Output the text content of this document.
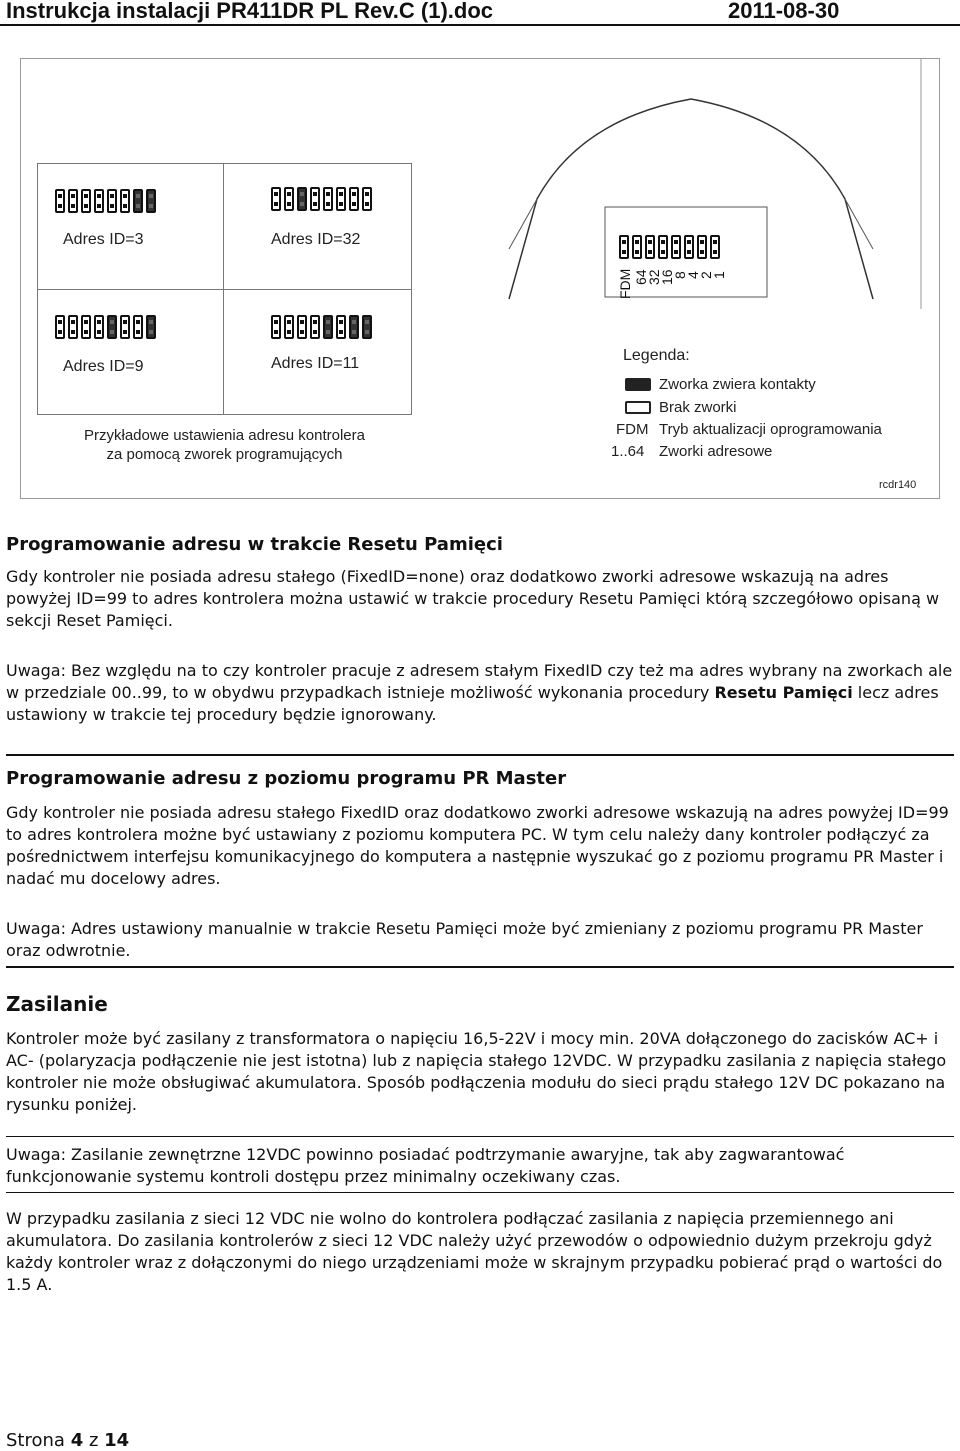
Instrukcja instalacji PR411DR PL Rev.C (1).doc	2011-08-30
Adres ID=3	Adres ID=32
Adres ID=9	Adres ID=11
Przykładowe ustawienia adresu kontrolera
za pomocą zworek programujących
FDM 64
32
16
8
4
2
1
Legenda:
Zworka zwiera kontakty
Brak zworki
FDM Tryb aktualizacji oprogramowania
1..64 Zworki adresowe
rcdr140
Programowanie adresu w trakcie Resetu Pamięci
Gdy kontroler nie posiada adresu stałego (FixedID=none) oraz dodatkowo zworki adresowe wskazują na adres powyżej ID=99 to adres kontrolera można ustawić w trakcie procedury Resetu Pamięci którą szczegółowo opisaną w sekcji Reset Pamięci.
Uwaga: Bez względu na to czy kontroler pracuje z adresem stałym FixedID czy też ma adres wybrany na zworkach ale w przedziale 00..99, to w obydwu przypadkach istnieje możliwość wykonania procedury Resetu Pamięci lecz adres ustawiony w trakcie tej procedury będzie ignorowany.
Programowanie adresu z poziomu programu PR Master
Gdy kontroler nie posiada adresu stałego FixedID oraz dodatkowo zworki adresowe wskazują na adres powyżej ID=99 to adres kontrolera możne być ustawiany z poziomu komputera PC. W tym celu należy dany kontroler podłączyć za pośrednictwem interfejsu komunikacyjnego do komputera a następnie wyszukać go z poziomu programu PR Master i nadać mu docelowy adres.
Uwaga: Adres ustawiony manualnie w trakcie Resetu Pamięci może być zmieniany z poziomu programu PR Master oraz odwrotnie.
Zasilanie
Kontroler może być zasilany z transformatora o napięciu 16,5-22V i mocy min. 20VA dołączonego do zacisków AC+ i AC- (polaryzacja podłączenie nie jest istotna) lub z napięcia stałego 12VDC. W przypadku zasilania z napięcia stałego kontroler nie może obsługiwać akumulatora. Sposób podłączenia modułu do sieci prądu stałego 12V DC pokazano na rysunku poniżej.
Uwaga: Zasilanie zewnętrzne 12VDC powinno posiadać podtrzymanie awaryjne, tak aby zagwarantować funkcjonowanie systemu kontroli dostępu przez minimalny oczekiwany czas.
W przypadku zasilania z sieci 12 VDC nie wolno do kontrolera podłączać zasilania z napięcia przemiennego ani akumulatora. Do zasilania kontrolerów z sieci 12 VDC należy użyć przewodów o odpowiednio dużym przekroju gdyż każdy kontroler wraz z dołączonymi do niego urządzeniami może w skrajnym przypadku pobierać prąd o wartości do 1.5 A.
Strona 4 z 14
